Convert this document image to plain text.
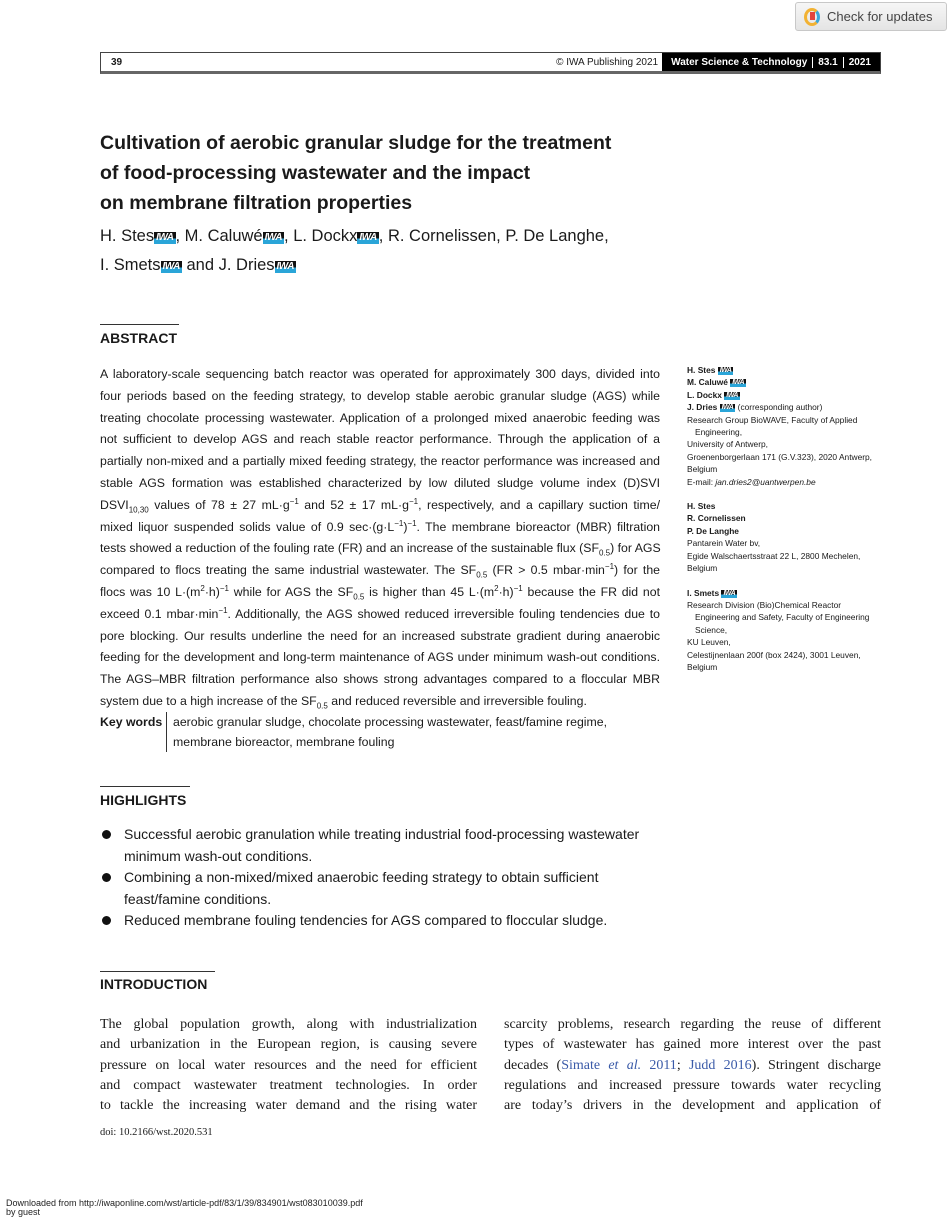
Check for updates
39	© IWA Publishing 2021	Water Science & Technology	83.1	2021
Cultivation of aerobic granular sludge for the treatment
of food-processing wastewater and the impact
on membrane filtration properties
H. Stes IWA , M. Caluwé IWA , L. Dockx IWA , R. Cornelissen, P. De Langhe,
I. Smets IWA and J. Dries IWA
ABSTRACT
A laboratory-scale sequencing batch reactor was operated for approximately 300 days, divided into
four periods based on the feeding strategy, to develop stable aerobic granular sludge (AGS) while
treating chocolate processing wastewater. Application of a prolonged mixed anaerobic feeding was
not sufficient to develop AGS and reach stable reactor performance. Through the application of a
partially non-mixed and a partially mixed feeding strategy, the reactor performance was increased and
stable AGS formation was established characterized by low diluted sludge volume index (D)SVI
$DSVI_{10,30}$ values of 78 ± 27 $mL\cdot g^{-1}$ and 52 ± 17 $mL\cdot g^{-1}$, respectively, and a capillary suction time/
mixed liquor suspended solids value of 0.9 $\sec\cdot(g\cdot L^{-1})^{-1}$. The membrane bioreactor (MBR) filtration
tests showed a reduction of the fouling rate (FR) and an increase of the sustainable flux $(SF_{0.5})$ for AGS
compared to flocs treating the same industrial wastewater. The $SF_{0.5}$ (FR > 0.5 $mbar\cdot\min^{-1}$) for the
flocs was 10 $L\cdot(m^2\cdot h)^{-1}$ while for AGS the $SF_{0.5}$ is higher than 45 $L\cdot(m^2\cdot h)^{-1}$ because the FR did not
exceed 0.1 $mbar\cdot\min^{-1}$. Additionally, the AGS showed reduced irreversible fouling tendencies due to
pore blocking. Our results underline the need for an increased substrate gradient during anaerobic
feeding for the development and long-term maintenance of AGS under minimum wash-out conditions.
The AGS–MBR filtration performance also shows strong advantages compared to a floccular MBR
system due to a high increase of the $SF_{0.5}$ and reduced reversible and irreversible fouling.
Key words aerobic granular sludge, chocolate processing wastewater, feast/famine regime,
membrane bioreactor, membrane fouling
H. Stes IWA
M. Caluwé IWA
L. Dockx IWA
J. Dries IWA (corresponding author)
Research Group BioWAVE, Faculty of Applied
Engineering,
University of Antwerp,
Groenenborgerlaan 171 (G.V.323), 2020 Antwerp,
Belgium
E-mail: jan.dries2@uantwerpen.be
H. Stes
R. Cornelissen
P. De Langhe
Pantarein Water bv,
Egide Walschaertsstraat 22 L, 2800 Mechelen,
Belgium
I. Smets IWA
Research Division (Bio)Chemical Reactor
Engineering and Safety, Faculty of Engineering
Science,
KU Leuven,
Celestijnenlaan 200f (box 2424), 3001 Leuven,
Belgium
HIGHLIGHTS
Successful aerobic granulation while treating industrial food-processing wastewater
minimum wash-out conditions.
Combining a non-mixed/mixed anaerobic feeding strategy to obtain sufficient
feast/famine conditions.
Reduced membrane fouling tendencies for AGS compared to floccular sludge.
INTRODUCTION
The global population growth, along with industrialization
and urbanization in the European region, is causing severe
pressure on local water resources and the need for efficient
and compact wastewater treatment technologies. In order
to tackle the increasing water demand and the rising water
scarcity problems, research regarding the reuse of different
types of wastewater has gained more interest over the past
decades (Simate et al. 2011; Judd 2016). Stringent discharge
regulations and increased pressure towards water recycling
are today’s drivers in the development and application of
doi: 10.2166/wst.2020.531
Downloaded from http://iwaponline.com/wst/article-pdf/83/1/39/834901/wst083010039.pdf
by guest
